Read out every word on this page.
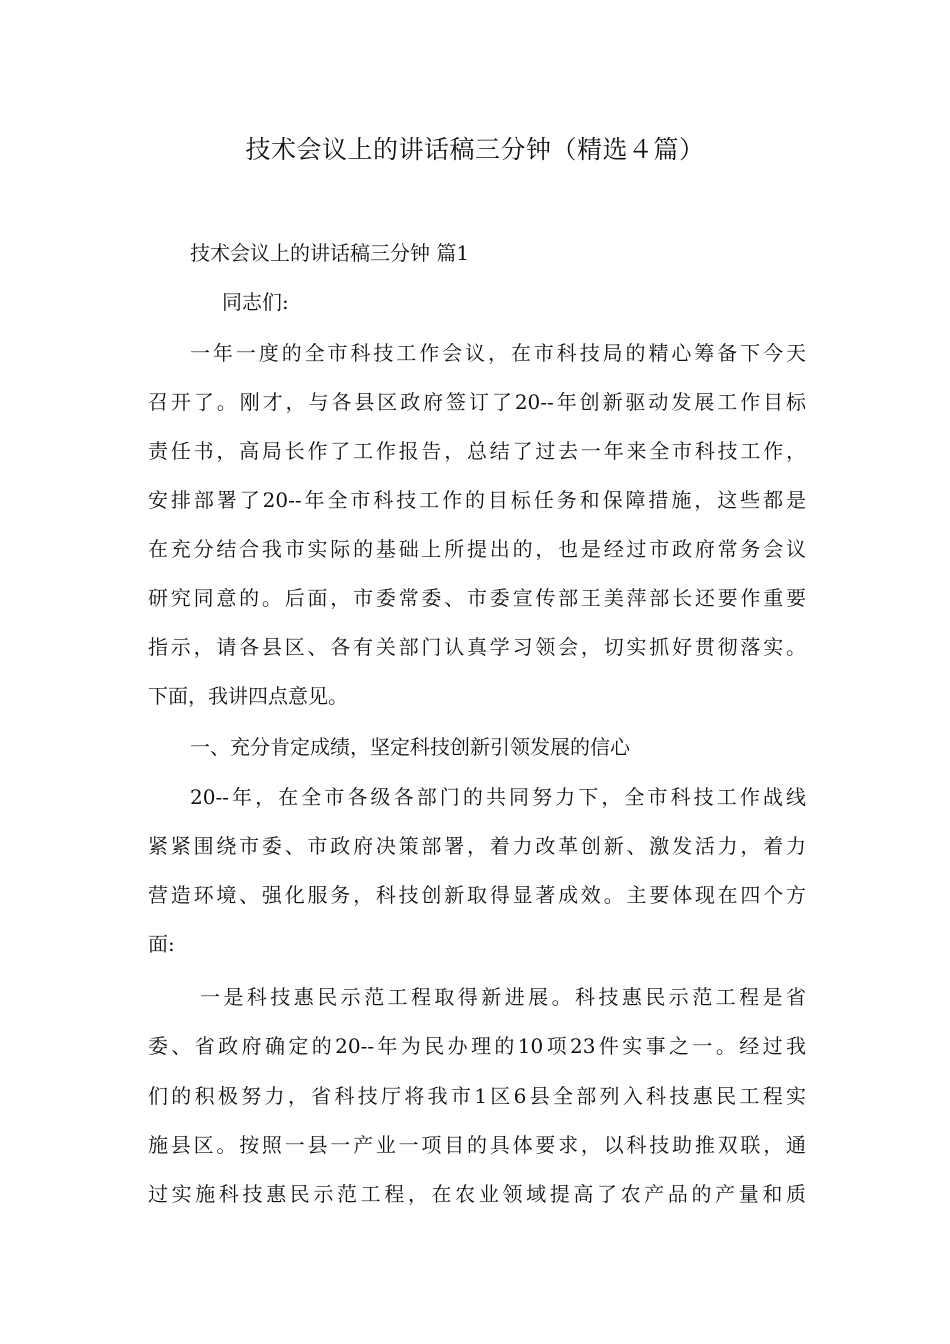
技术会议上的讲话稿三分钟（精选４篇）
技术会议上的讲话稿三分钟 篇1
同志们:
一年一度的全市科技工作会议，在市科技局的精心筹备下今天
召开了。刚才，与各县区政府签订了20--年创新驱动发展工作目标
责任书，高局长作了工作报告，总结了过去一年来全市科技工作，
安排部署了20--年全市科技工作的目标任务和保障措施，这些都是
在充分结合我市实际的基础上所提出的，也是经过市政府常务会议
研究同意的。后面，市委常委、市委宣传部王美萍部长还要作重要
指示，请各县区、各有关部门认真学习领会，切实抓好贯彻落实。
下面，我讲四点意见。
一、充分肯定成绩，坚定科技创新引领发展的信心
20--年，在全市各级各部门的共同努力下，全市科技工作战线
紧紧围绕市委、市政府决策部署，着力改革创新、激发活力，着力
营造环境、强化服务，科技创新取得显著成效。主要体现在四个方
面:
一是科技惠民示范工程取得新进展。科技惠民示范工程是省
委、省政府确定的20--年为民办理的10项23件实事之一。经过我
们的积极努力，省科技厅将我市1区6县全部列入科技惠民工程实
施县区。按照一县一产业一项目的具体要求，以科技助推双联，通
过实施科技惠民示范工程，在农业领域提高了农产品的产量和质
